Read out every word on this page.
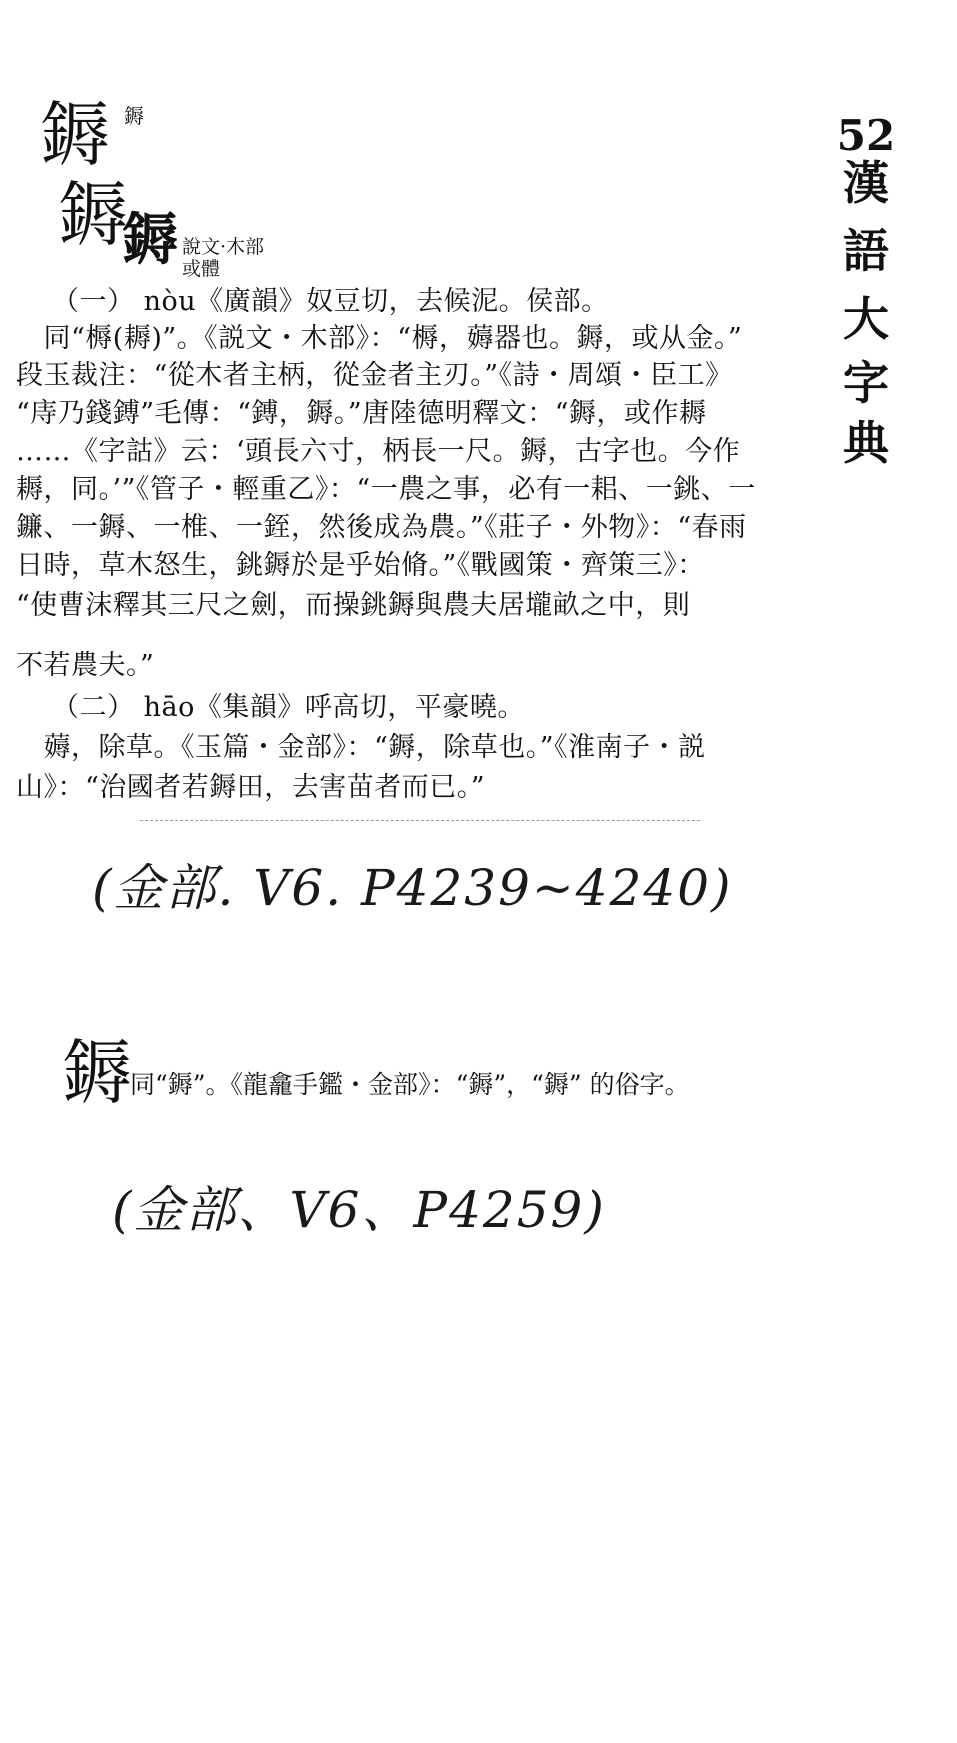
鎒 鎒
鎒
鎒 說文·木部
或體
52
漢
語
大
字
典
（一） nòu《廣韻》奴豆切，去候泥。侯部。
　同“槈(耨)”。《説文・木部》：“槈，薅器也。鎒，或从金。”
段玉裁注：“從木者主柄，從金者主刃。”《詩・周頌・臣工》
“庤乃錢鎛”毛傳：“鎛，鎒。”唐陸德明釋文：“鎒，或作耨
……《字詁》云：‘頭長六寸，柄長一尺。鎒，古字也。今作
耨，同。’”《管子・輕重乙》：“一農之事，必有一耜、一銚、一
鐮、一鎒、一椎、一銍，然後成為農。”《莊子・外物》：“春雨
日時，草木怒生，銚鎒於是乎始脩。”《戰國策・齊策三》：
“使曹沫釋其三尺之劍，而操銚鎒與農夫居壠畝之中，則
不若農夫。”
（二） hāo《集韻》呼高切，平豪曉。
　薅，除草。《玉篇・金部》：“鎒，除草也。”《淮南子・説
山》：“治國者若鎒田，去害苗者而已。”
(金部. V6. P4239~4240)
鎒
同“鎒”。《龍龕手鑑・金部》：“鎒”，“鎒” 的俗字。
(金部、V6、P4259)
